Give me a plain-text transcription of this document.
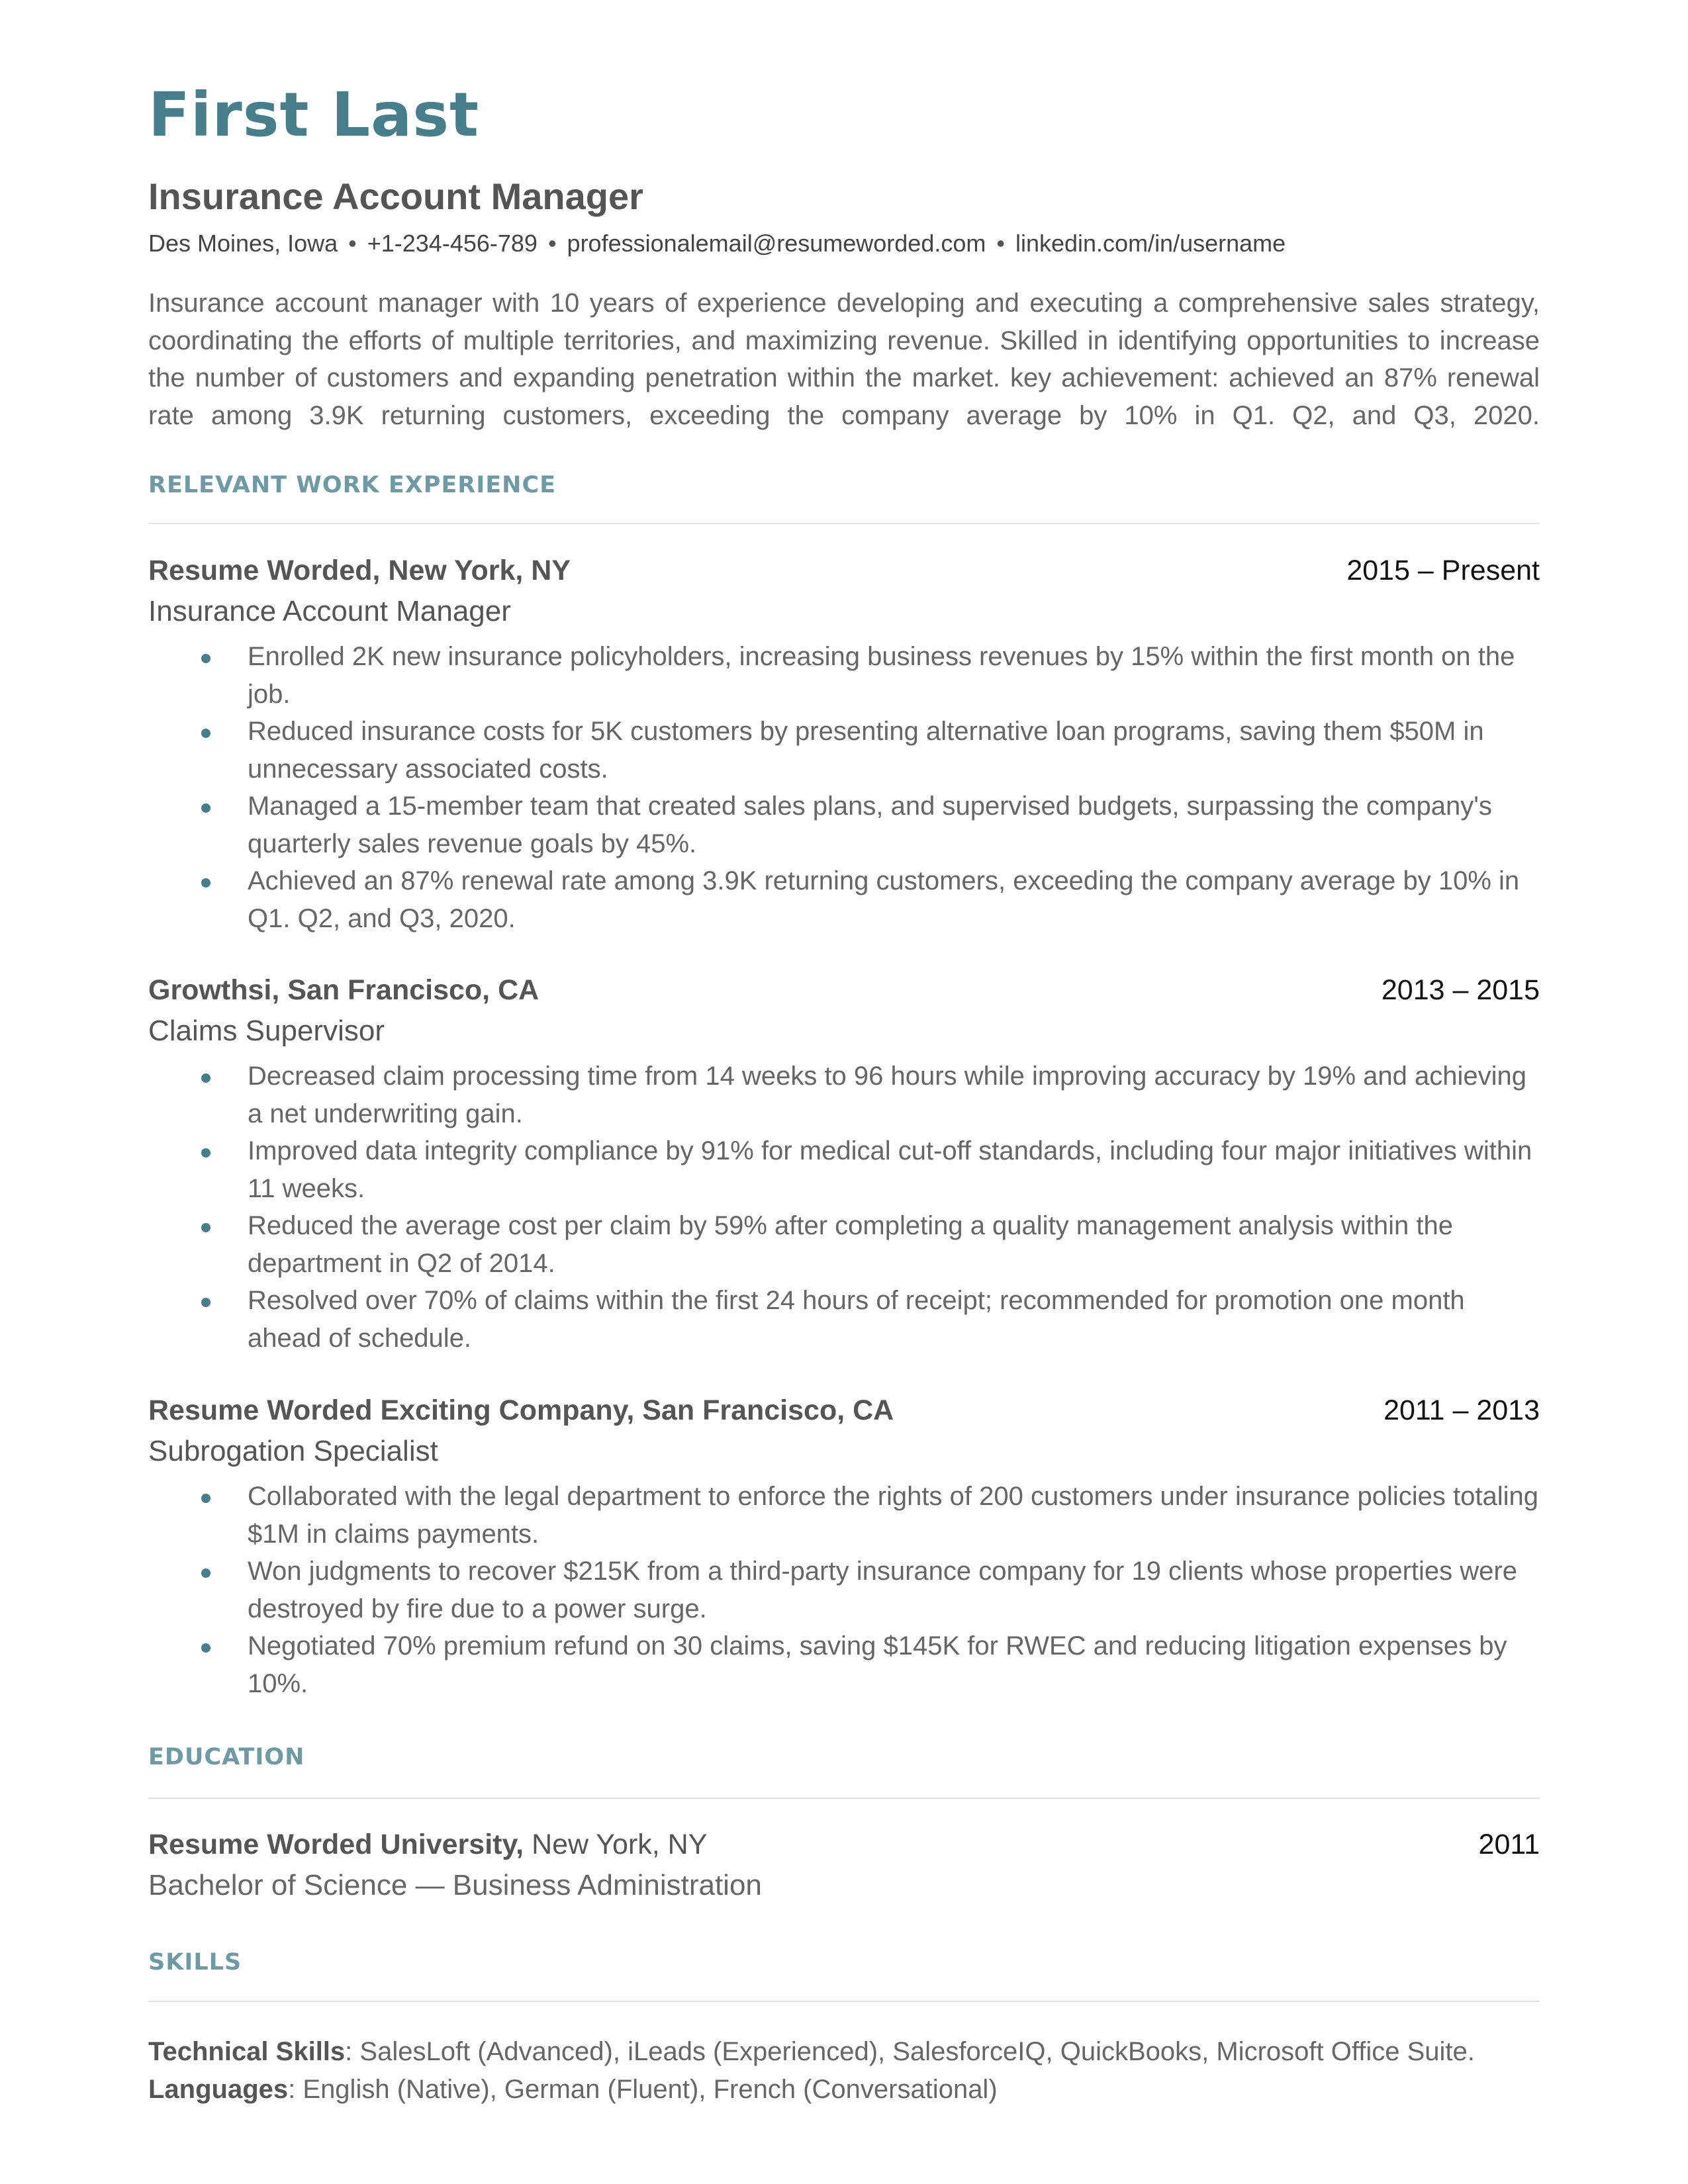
First Last
Insurance Account Manager
Des Moines, Iowa • +1-234-456-789 • professionalemail@resumeworded.com • linkedin.com/in/username

Insurance account manager with 10 years of experience developing and executing a comprehensive sales strategy, coordinating the efforts of multiple territories, and maximizing revenue. Skilled in identifying opportunities to increase the number of customers and expanding penetration within the market. key achievement: achieved an 87% renewal rate among 3.9K returning customers, exceeding the company average by 10% in Q1. Q2, and Q3, 2020.

RELEVANT WORK EXPERIENCE
Resume Worded, New York, NY	2015 – Present
Insurance Account Manager
Enrolled 2K new insurance policyholders, increasing business revenues by 15% within the first month on the job.
Reduced insurance costs for 5K customers by presenting alternative loan programs, saving them $50M in unnecessary associated costs.
Managed a 15-member team that created sales plans, and supervised budgets, surpassing the company's quarterly sales revenue goals by 45%.
Achieved an 87% renewal rate among 3.9K returning customers, exceeding the company average by 10% in Q1. Q2, and Q3, 2020.
Growthsi, San Francisco, CA	2013 – 2015
Claims Supervisor
Decreased claim processing time from 14 weeks to 96 hours while improving accuracy by 19% and achieving a net underwriting gain.
Improved data integrity compliance by 91% for medical cut-off standards, including four major initiatives within 11 weeks.
Reduced the average cost per claim by 59% after completing a quality management analysis within the department in Q2 of 2014.
Resolved over 70% of claims within the first 24 hours of receipt; recommended for promotion one month ahead of schedule.
Resume Worded Exciting Company, San Francisco, CA	2011 – 2013
Subrogation Specialist
Collaborated with the legal department to enforce the rights of 200 customers under insurance policies totaling $1M in claims payments.
Won judgments to recover $215K from a third-party insurance company for 19 clients whose properties were destroyed by fire due to a power surge.
Negotiated 70% premium refund on 30 claims, saving $145K for RWEC and reducing litigation expenses by 10%.
EDUCATION
Resume Worded University, New York, NY	2011
Bachelor of Science — Business Administration
SKILLS
Technical Skills: SalesLoft (Advanced), iLeads (Experienced), SalesforceIQ, QuickBooks, Microsoft Office Suite.
Languages: English (Native), German (Fluent), French (Conversational)
